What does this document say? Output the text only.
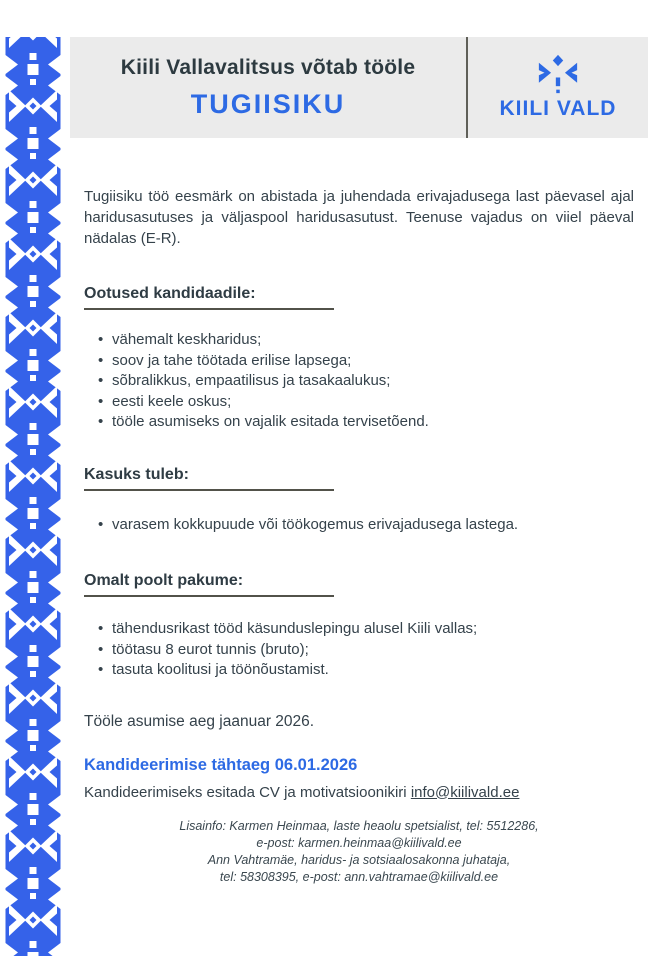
Kiili Vallavalitsus võtab tööle
TUGIISIKU	KIILI VALD

Tugiisiku töö eesmärk on abistada ja juhendada erivajadusega last päevasel ajal haridusasutuses ja väljaspool haridusasutust. Teenuse vajadus on viiel päeval nädalas (E-R).

Ootused kandidaadile:
• vähemalt keskharidus;
• soov ja tahe töötada erilise lapsega;
• sõbralikkus, empaatilisus ja tasakaalukus;
• eesti keele oskus;
• tööle asumiseks on vajalik esitada tervisetõend.
Kasuks tuleb:
• varasem kokkupuude või töökogemus erivajadusega lastega.
Omalt poolt pakume:
• tähendusrikast tööd käsunduslepingu alusel Kiili vallas;
• töötasu 8 eurot tunnis (bruto);
• tasuta koolitusi ja töönõustamist.
Tööle asumise aeg jaanuar 2026.
Kandideerimise tähtaeg 06.01.2026
Kandideerimiseks esitada CV ja motivatsioonikiri info@kiilivald.ee
Lisainfo: Karmen Heinmaa, laste heaolu spetsialist, tel: 5512286,
e-post: karmen.heinmaa@kiilivald.ee
Ann Vahtramäe, haridus- ja sotsiaalosakonna juhataja,
tel: 58308395, e-post: ann.vahtramae@kiilivald.ee
